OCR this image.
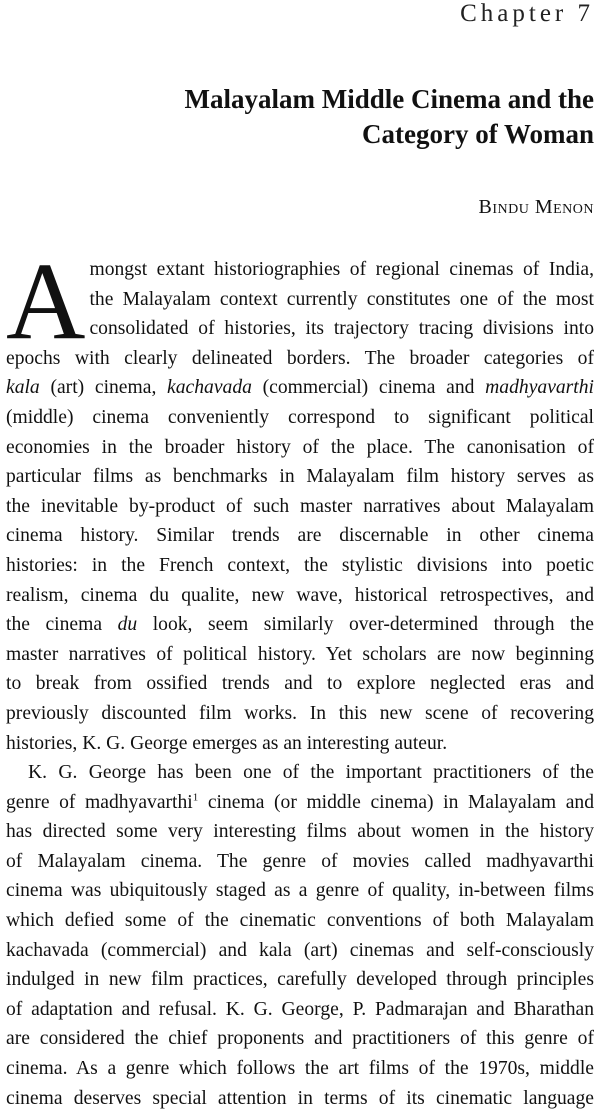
Chapter 7
Malayalam Middle Cinema and the
Category of Woman
Bindu Menon
A mongst extant historiographies of regional cinemas of India,
the Malayalam context currently constitutes one of the most
consolidated of histories, its trajectory tracing divisions into
epochs with clearly delineated borders. The broader categories of
kala (art) cinema, kachavada (commercial) cinema and madhyavarthi
(middle) cinema conveniently correspond to significant political
economies in the broader history of the place. The canonisation of
particular films as benchmarks in Malayalam film history serves as
the inevitable by-product of such master narratives about Malayalam
cinema history. Similar trends are discernable in other cinema
histories: in the French context, the stylistic divisions into poetic
realism, cinema du qualite, new wave, historical retrospectives, and
the cinema du look, seem similarly over-determined through the
master narratives of political history. Yet scholars are now beginning
to break from ossified trends and to explore neglected eras and
previously discounted film works. In this new scene of recovering
histories, K. G. George emerges as an interesting auteur.
K. G. George has been one of the important practitioners of the
genre of madhyavarthi$^1$ cinema (or middle cinema) in Malayalam and
has directed some very interesting films about women in the history
of Malayalam cinema. The genre of movies called madhyavarthi
cinema was ubiquitously staged as a genre of quality, in-between films
which defied some of the cinematic conventions of both Malayalam
kachavada (commercial) and kala (art) cinemas and self-consciously
indulged in new film practices, carefully developed through principles
of adaptation and refusal. K. G. George, P. Padmarajan and Bharathan
are considered the chief proponents and practitioners of this genre of
cinema. As a genre which follows the art films of the 1970s, middle
cinema deserves special attention in terms of its cinematic language
